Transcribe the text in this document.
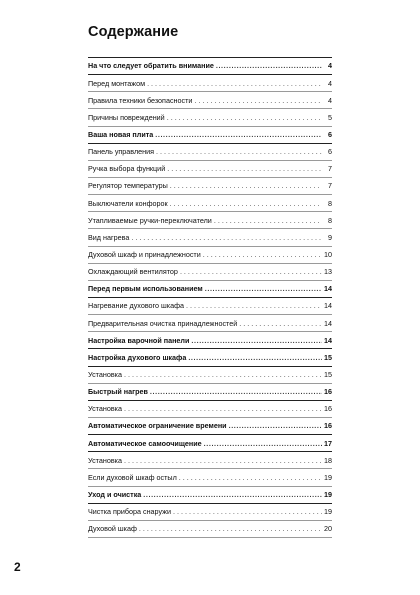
Содержание
На что следует обратить внимание .....	4
Перед монтажом . . .	4
Правила техники безопасности . . .	4
Причины повреждений . . .	5
Ваша новая плита .....	6
Панель управления . . .	6
Ручка выбора функций . . .	7
Регулятор температуры . . .	7
Выключатели конфорок . . .	8
Утапливаемые ручки-переключатели . . .	8
Вид нагрева . . .	9
Духовой шкаф и принадлежности . . .	10
Охлаждающий вентилятор . . .	13
Перед первым использованием .....	14
Нагревание духового шкафа . . .	14
Предварительная очистка принадлежностей . . .	14
Настройка варочной панели .....	14
Настройка духового шкафа .....	15
Установка . . .	15
Быстрый нагрев .....	16
Установка . . .	16
Автоматическое ограничение времени .....	16
Автоматическое самоочищение .....	17
Установка . . .	18
Если духовой шкаф остыл . . .	19
Уход и очистка .....	19
Чистка прибора снаружи . . .	19
Духовой шкаф . . .	20
2
